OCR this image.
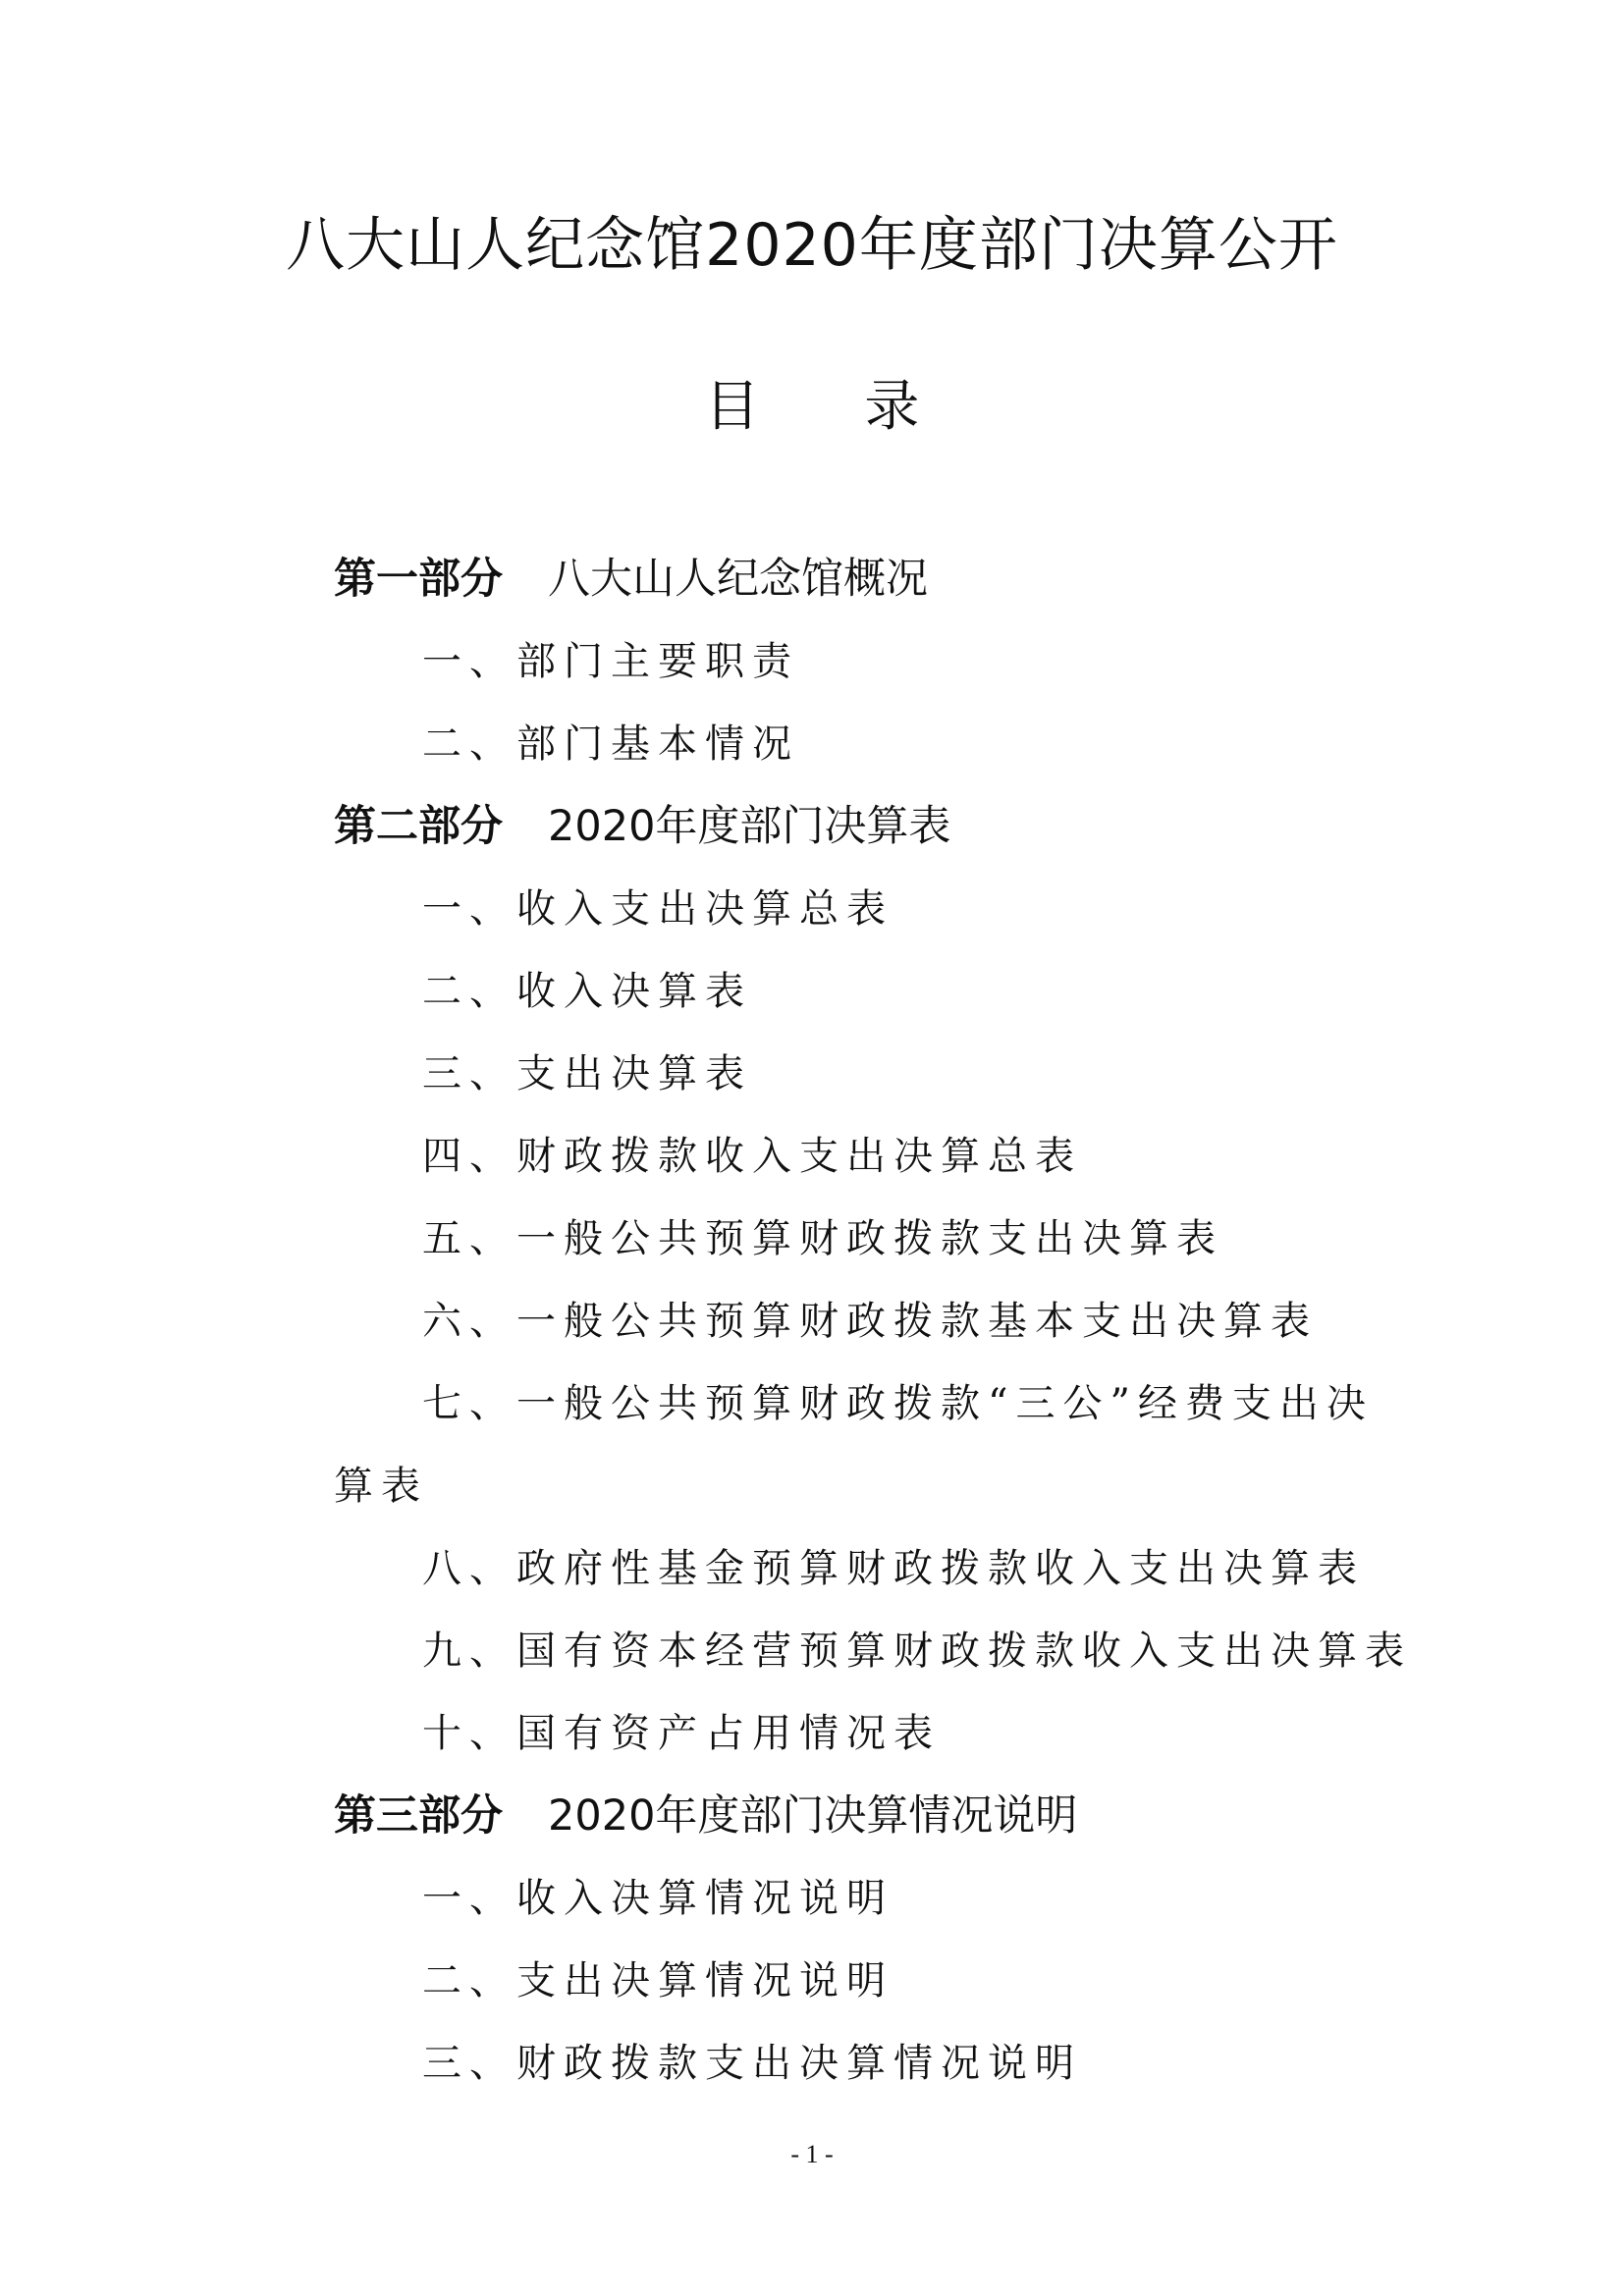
八大山人纪念馆2020年度部门决算公开
目      录
第一部分 八大山人纪念馆概况
一、部门主要职责
二、部门基本情况
第二部分 2020年度部门决算表
一、收入支出决算总表
二、收入决算表
三、支出决算表
四、财政拨款收入支出决算总表
五、一般公共预算财政拨款支出决算表
六、一般公共预算财政拨款基本支出决算表
七、一般公共预算财政拨款“三公”经费支出决算表
八、政府性基金预算财政拨款收入支出决算表
九、国有资本经营预算财政拨款收入支出决算表
十、国有资产占用情况表
第三部分 2020年度部门决算情况说明
一、收入决算情况说明
二、支出决算情况说明
三、财政拨款支出决算情况说明
- 1 -
